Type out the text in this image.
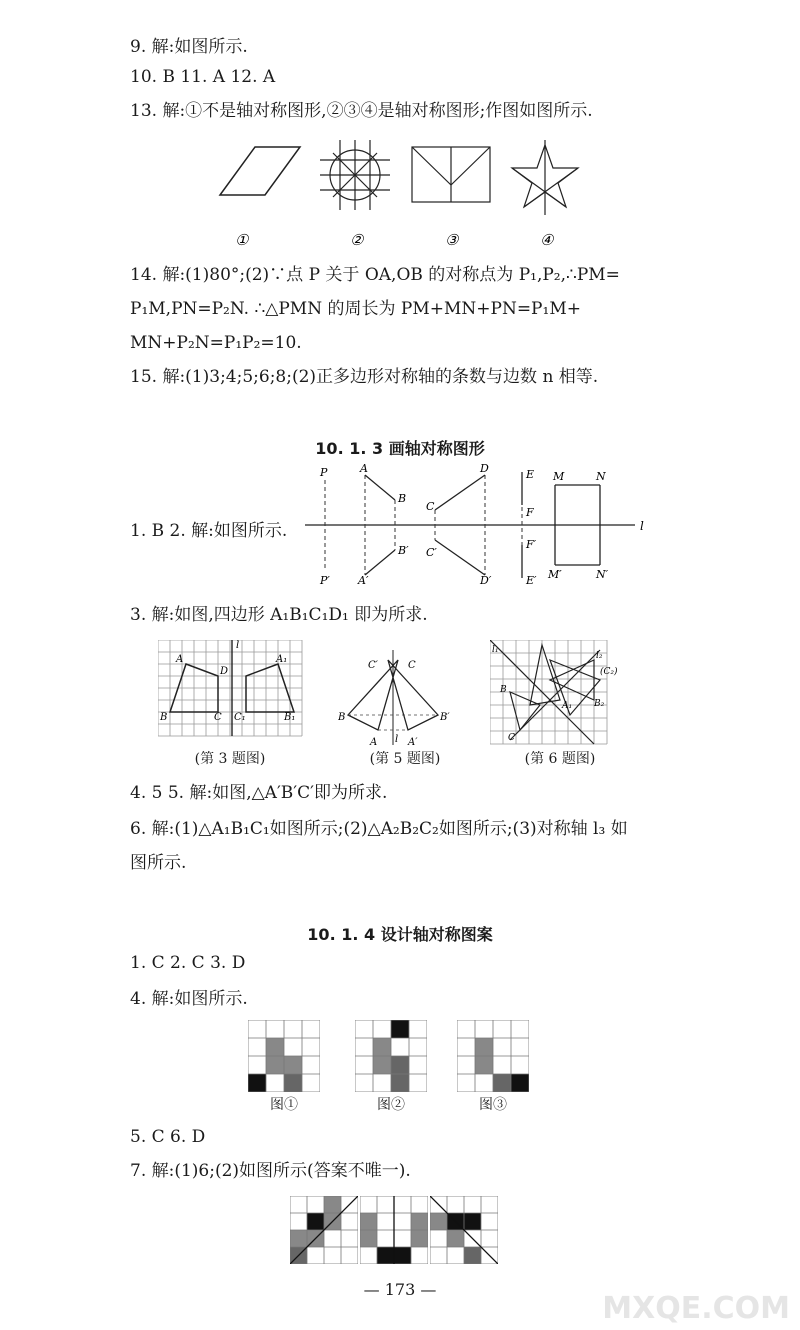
9. 解:如图所示.
10. B 11. A 12. A
13. 解:①不是轴对称图形,②③④是轴对称图形;作图如图所示.
①	②	③	④
14. 解:(1)80°;(2)∵点 P 关于 OA,OB 的对称点为 P₁,P₂,∴PM=
P₁M,PN=P₂N. ∴△PMN 的周长为 PM+MN+PN=P₁M+
MN+P₂N=P₁P₂=10.
15. 解:(1)3;4;5;6;8;(2)正多边形对称轴的条数与边数 n 相等.
10. 1. 3 画轴对称图形
l
P
P′
A
B
B′
A′
C
D
C′
D′
E
F
F′
E′
M	N
M′	N′
1. B 2. 解:如图所示.
3. 解:如图,四边形 A₁B₁C₁D₁ 即为所求.
A
D
B	C C₁	B₁
A₁
l
(第 3 题图)
C′	C
B	B′
A	A′
l
(第 5 题图)
l₁
l₂
(C₂)
B
B₂
A₁
C
(第 6 题图)
4. 5 5. 解:如图,△A′B′C′即为所求.
6. 解:(1)△A₁B₁C₁如图所示;(2)△A₂B₂C₂如图所示;(3)对称轴 l₃ 如
图所示.
10. 1. 4 设计轴对称图案
1. C 2. C 3. D
4. 解:如图所示.
图①	图②	图③
5. C 6. D
7. 解:(1)6;(2)如图所示(答案不唯一).
— 173 —
MXQE.COM
